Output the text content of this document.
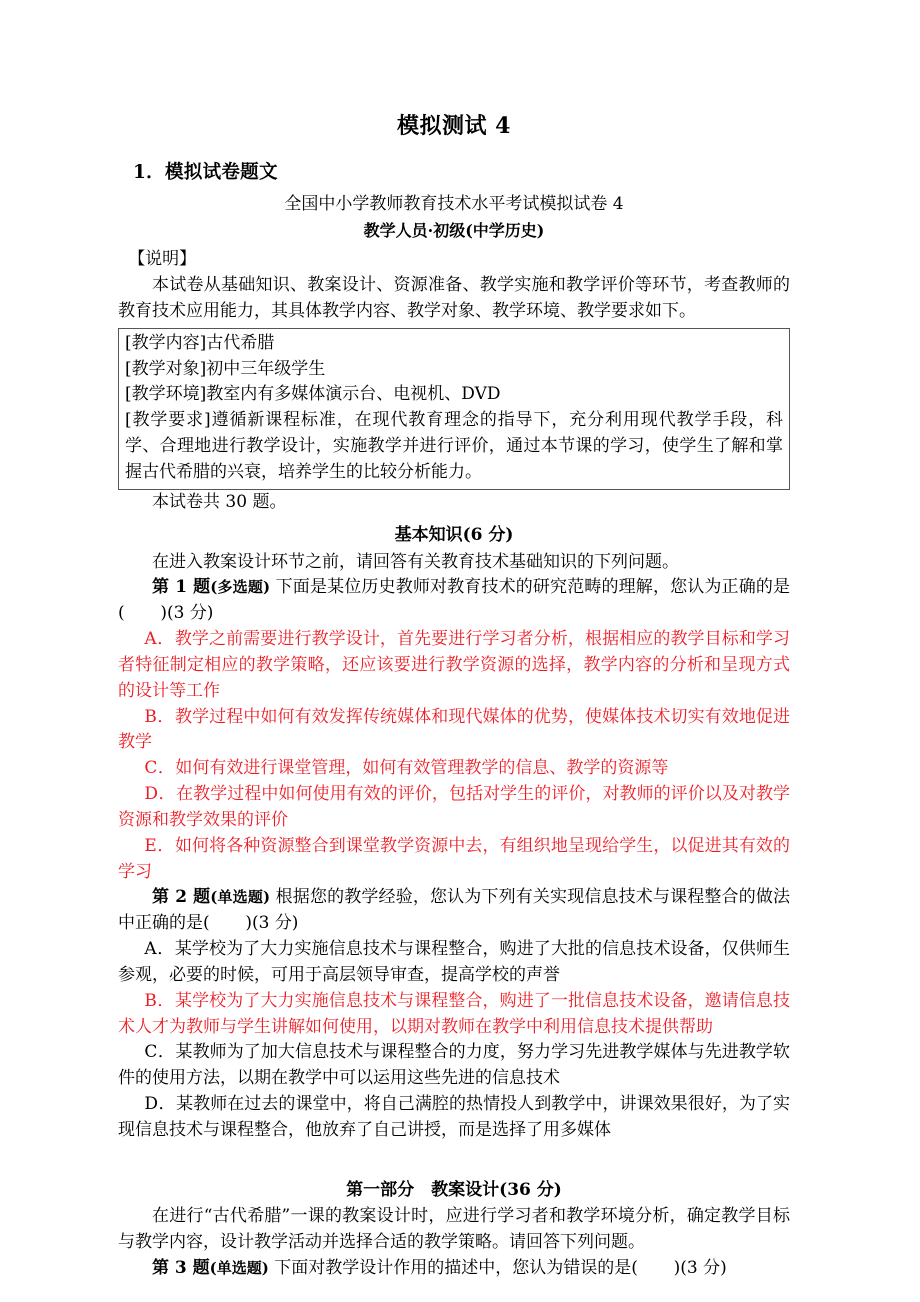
模拟测试 4
1．模拟试卷题文
全国中小学教师教育技术水平考试模拟试卷 4
教学人员·初级(中学历史)
【说明】

本试卷从基础知识、教案设计、资源准备、教学实施和教学评价等环节，考查教师的教育技术应用能力，其具体教学内容、教学对象、教学环境、教学要求如下。

[教学内容]古代希腊

[教学对象]初中三年级学生

[教学环境]教室内有多媒体演示台、电视机、DVD

[教学要求]遵循新课程标准，在现代教育理念的指导下，充分利用现代教学手段，科学、合理地进行教学设计，实施教学并进行评价，通过本节课的学习，使学生了解和掌握古代希腊的兴衰，培养学生的比较分析能力。

本试卷共 30 题。

基本知识(6 分)

在进入教案设计环节之前，请回答有关教育技术基础知识的下列问题。

第 1 题(多选题) 下面是某位历史教师对教育技术的研究范畴的理解，您认为正确的是( )(3 分)

A．教学之前需要进行教学设计，首先要进行学习者分析，根据相应的教学目标和学习者特征制定相应的教学策略，还应该要进行教学资源的选择，教学内容的分析和呈现方式的设计等工作

B．教学过程中如何有效发挥传统媒体和现代媒体的优势，使媒体技术切实有效地促进教学

C．如何有效进行课堂管理，如何有效管理教学的信息、教学的资源等

D．在教学过程中如何使用有效的评价，包括对学生的评价，对教师的评价以及对教学资源和教学效果的评价

E．如何将各种资源整合到课堂教学资源中去，有组织地呈现给学生，以促进其有效的学习

第 2 题(单选题) 根据您的教学经验，您认为下列有关实现信息技术与课程整合的做法中正确的是( )(3 分)

A．某学校为了大力实施信息技术与课程整合，购进了大批的信息技术设备，仅供师生参观，必要的时候，可用于高层领导审查，提高学校的声誉

B．某学校为了大力实施信息技术与课程整合，购进了一批信息技术设备，邀请信息技术人才为教师与学生讲解如何使用，以期对教师在教学中利用信息技术提供帮助

C．某教师为了加大信息技术与课程整合的力度，努力学习先进教学媒体与先进教学软件的使用方法，以期在教学中可以运用这些先进的信息技术

D．某教师在过去的课堂中，将自己满腔的热情投人到教学中，讲课效果很好，为了实现信息技术与课程整合，他放弃了自己讲授，而是选择了用多媒体

第一部分 教案设计(36 分)

在进行“古代希腊”一课的教案设计时，应进行学习者和教学环境分析，确定教学目标与教学内容，设计教学活动并选择合适的教学策略。请回答下列问题。

第 3 题(单选题) 下面对教学设计作用的描述中，您认为错误的是( )(3 分)
